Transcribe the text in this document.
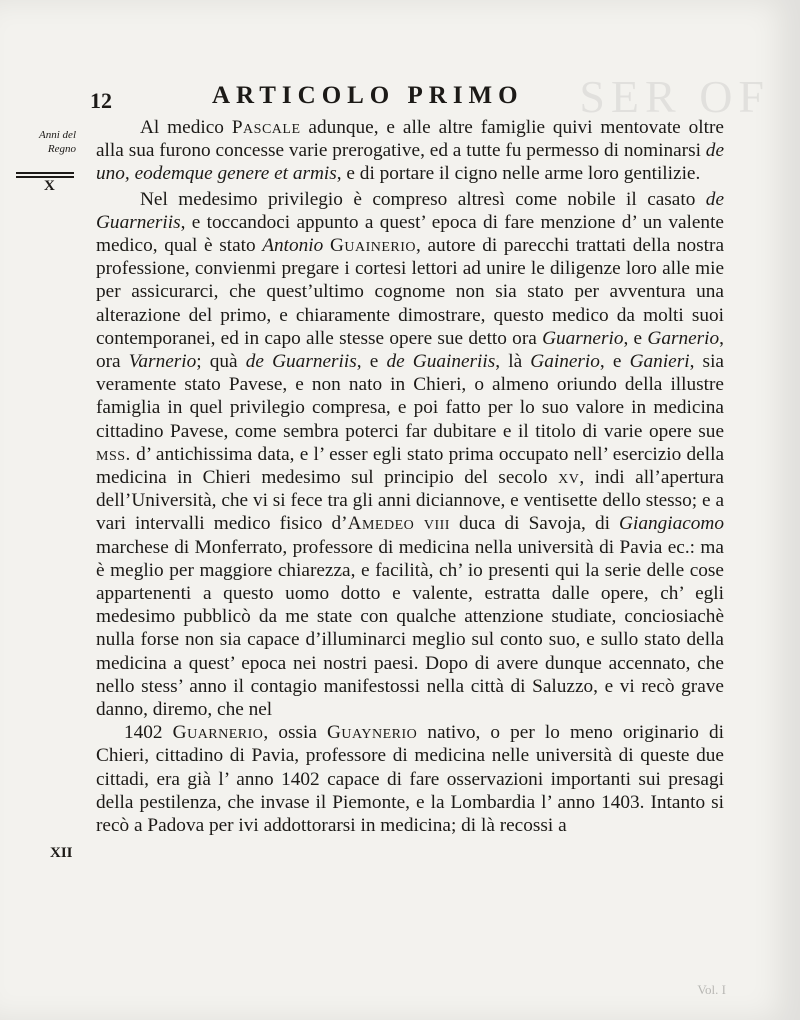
SER OF
12	ARTICOLO PRIMO
Anni del Regno
X
XII

Al medico Pascale adunque, e alle altre famiglie quivi mentovate oltre alla sua furono concesse varie prerogative, ed a tutte fu permesso di nominarsi de uno, eodemque genere et armis, e di portare il cigno nelle arme loro gentilizie.

Nel medesimo privilegio è compreso altresì come nobile il casato de Guarneriis, e toccandoci appunto a quest’ epoca di fare menzione d’ un valente medico, qual è stato Antonio Guainerio, autore di parecchi trattati della nostra professione, convienmi pregare i cortesi lettori ad unire le diligenze loro alle mie per assicurarci, che quest’ultimo cognome non sia stato per avventura una alterazione del primo, e chiaramente dimostrare, questo medico da molti suoi contemporanei, ed in capo alle stesse opere sue detto ora Guarnerio, e Garnerio, ora Varnerio; quà de Guarneriis, e de Guaineriis, là Gainerio, e Ganieri, sia veramente stato Pavese, e non nato in Chieri, o almeno oriundo della illustre famiglia in quel privilegio compresa, e poi fatto per lo suo valore in medicina cittadino Pavese, come sembra poterci far dubitare e il titolo di varie opere sue mss. d’ antichissima data, e l’ esser egli stato prima occupato nell’ esercizio della medicina in Chieri medesimo sul principio del secolo xv, indi all’apertura dell’Università, che vi si fece tra gli anni diciannove, e ventisette dello stesso; e a vari intervalli medico fisico d’Amedeo viii duca di Savoja, di Giangiacomo marchese di Monferrato, professore di medicina nella università di Pavia ec.: ma è meglio per maggiore chiarezza, e facilità, ch’ io presenti qui la serie delle cose appartenenti a questo uomo dotto e valente, estratta dalle opere, ch’ egli medesimo pubblicò da me state con qualche attenzione studiate, conciosiachè nulla forse non sia capace d’illuminarci meglio sul conto suo, e sullo stato della medicina a quest’ epoca nei nostri paesi. Dopo di avere dunque accennato, che nello stess’ anno il contagio manifestossi nella città di Saluzzo, e vi recò grave danno, diremo, che nel

1402 Guarnerio, ossia Guaynerio nativo, o per lo meno originario di Chieri, cittadino di Pavia, professore di medicina nelle università di queste due cittadi, era già l’ anno 1402 capace di fare osservazioni importanti sui presagi della pestilenza, che invase il Piemonte, e la Lombardia l’ anno 1403. Intanto si recò a Padova per ivi addottorarsi in medicina; di là recossi a

Vol. I
